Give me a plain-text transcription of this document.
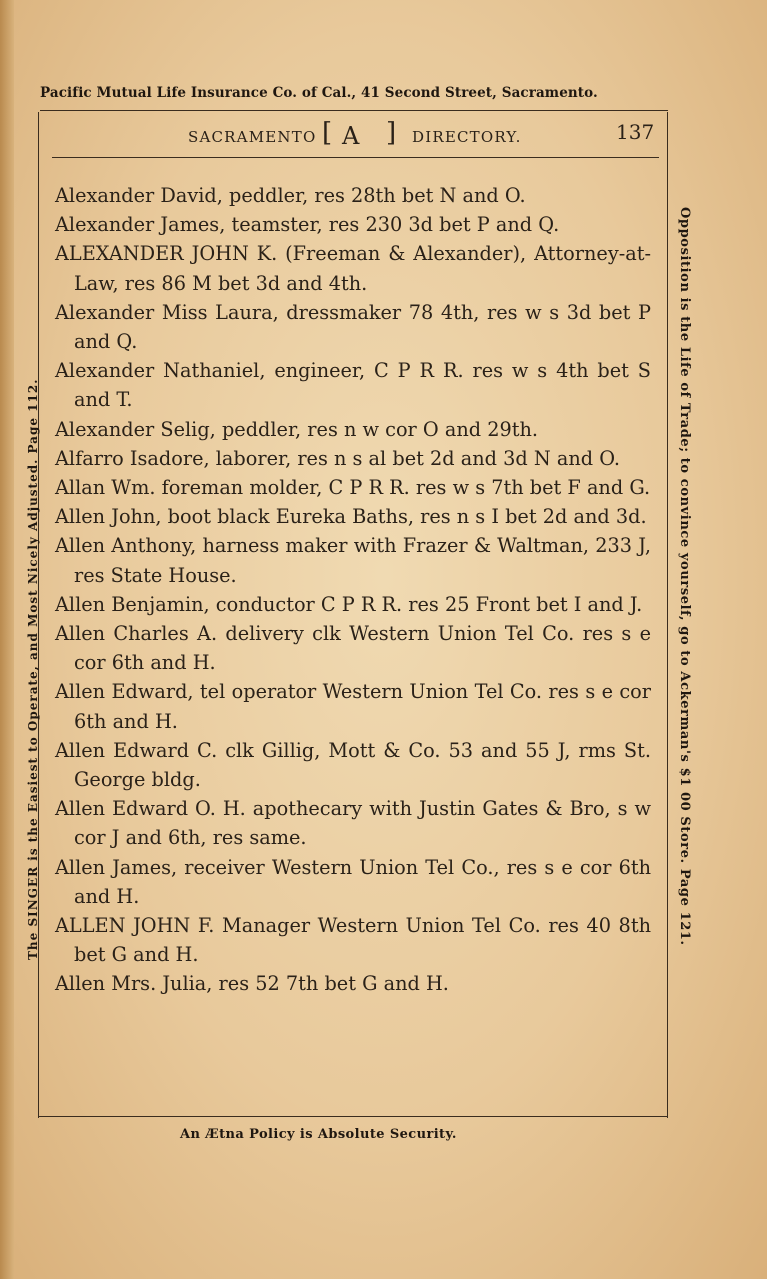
Pacific Mutual Life Insurance Co. of Cal., 41 Second Street, Sacramento.
SACRAMENTO [ A ] DIRECTORY.	137
The SINGER is the Easiest to Operate, and Most Nicely Adjusted. Page 112.	Opposition is the Life of Trade; to convince yourself, go to Ackerman's $1 00 Store. Page 121.

Alexander David, peddler, res 28th bet N and O.

Alexander James, teamster, res 230 3d bet P and Q.

ALEXANDER JOHN K. (Freeman & Alexander), Attorney-at-Law, res 86 M bet 3d and 4th.

Alexander Miss Laura, dressmaker 78 4th, res w s 3d bet P and Q.

Alexander Nathaniel, engineer, C P R R. res w s 4th bet S and T.

Alexander Selig, peddler, res n w cor O and 29th.

Alfarro Isadore, laborer, res n s al bet 2d and 3d N and O.

Allan Wm. foreman molder, C P R R. res w s 7th bet F and G.

Allen John, boot black Eureka Baths, res n s I bet 2d and 3d.

Allen Anthony, harness maker with Frazer & Waltman, 233 J, res State House.

Allen Benjamin, conductor C P R R. res 25 Front bet I and J.

Allen Charles A. delivery clk Western Union Tel Co. res s e cor 6th and H.

Allen Edward, tel operator Western Union Tel Co. res s e cor 6th and H.

Allen Edward C. clk Gillig, Mott & Co. 53 and 55 J, rms St. George bldg.

Allen Edward O. H. apothecary with Justin Gates & Bro, s w cor J and 6th, res same.

Allen James, receiver Western Union Tel Co., res s e cor 6th and H.

ALLEN JOHN F. Manager Western Union Tel Co. res 40 8th bet G and H.

Allen Mrs. Julia, res 52 7th bet G and H.

An Ætna Policy is Absolute Security.
